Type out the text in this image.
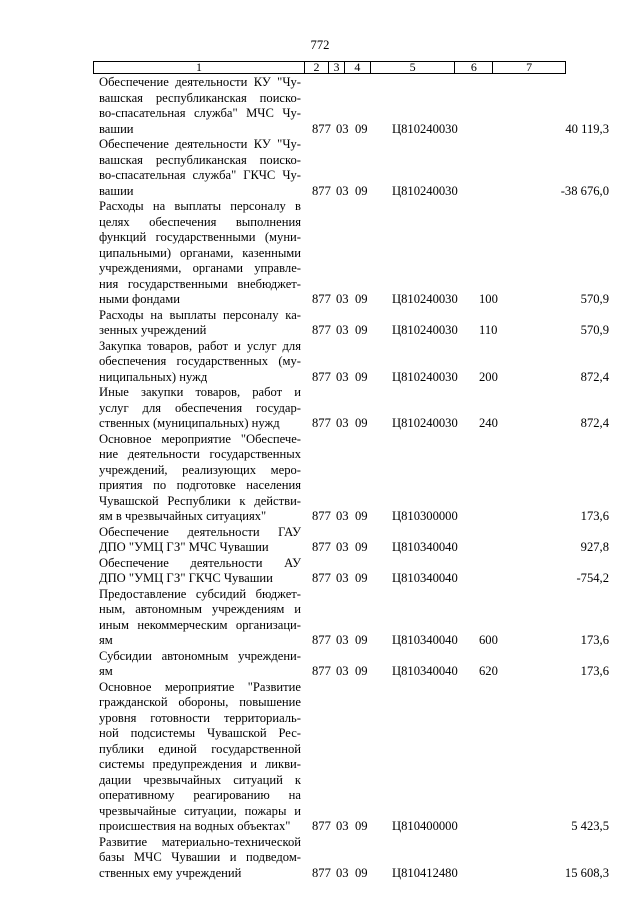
772
1	2	3	4	5	6	7
Обеспечение деятельности КУ "Чу-
вашская республиканская поиско-
во-спасательная служба" МЧС Чу-
вашии	877 03 09 Ц810240030	40 119,3
Обеспечение деятельности КУ "Чу-
вашская республиканская поиско-
во-спасательная служба" ГКЧС Чу-
вашии	877 03 09 Ц810240030	-38 676,0
Расходы на выплаты персоналу в
целях обеспечения выполнения
функций государственными (муни-
ципальными) органами, казенными
учреждениями, органами управле-
ния государственными внебюджет-
ными фондами	877 03 09 Ц810240030 100	570,9
Расходы на выплаты персоналу ка-
зенных учреждений	877 03 09 Ц810240030 110	570,9
Закупка товаров, работ и услуг для
обеспечения государственных (му-
ниципальных) нужд	877 03 09 Ц810240030 200	872,4
Иные закупки товаров, работ и
услуг для обеспечения государ-
ственных (муниципальных) нужд	877 03 09 Ц810240030 240	872,4
Основное мероприятие "Обеспече-
ние деятельности государственных
учреждений, реализующих меро-
приятия по подготовке населения
Чувашской Республики к действи-
ям в чрезвычайных ситуациях"	877 03 09 Ц810300000	173,6
Обеспечение деятельности ГАУ
ДПО "УМЦ ГЗ" МЧС Чувашии	877 03 09 Ц810340040	927,8
Обеспечение деятельности АУ
ДПО "УМЦ ГЗ" ГКЧС Чувашии	877 03 09 Ц810340040	-754,2
Предоставление субсидий бюджет-
ным, автономным учреждениям и
иным некоммерческим организаци-
ям	877 03 09 Ц810340040 600	173,6
Субсидии автономным учреждени-
ям	877 03 09 Ц810340040 620	173,6
Основное мероприятие "Развитие
гражданской обороны, повышение
уровня готовности территориаль-
ной подсистемы Чувашской Рес-
публики единой государственной
системы предупреждения и ликви-
дации чрезвычайных ситуаций к
оперативному реагированию на
чрезвычайные ситуации, пожары и
происшествия на водных объектах"	877 03 09 Ц810400000	5 423,5
Развитие материально-технической
базы МЧС Чувашии и подведом-
ственных ему учреждений	877 03 09 Ц810412480	15 608,3
